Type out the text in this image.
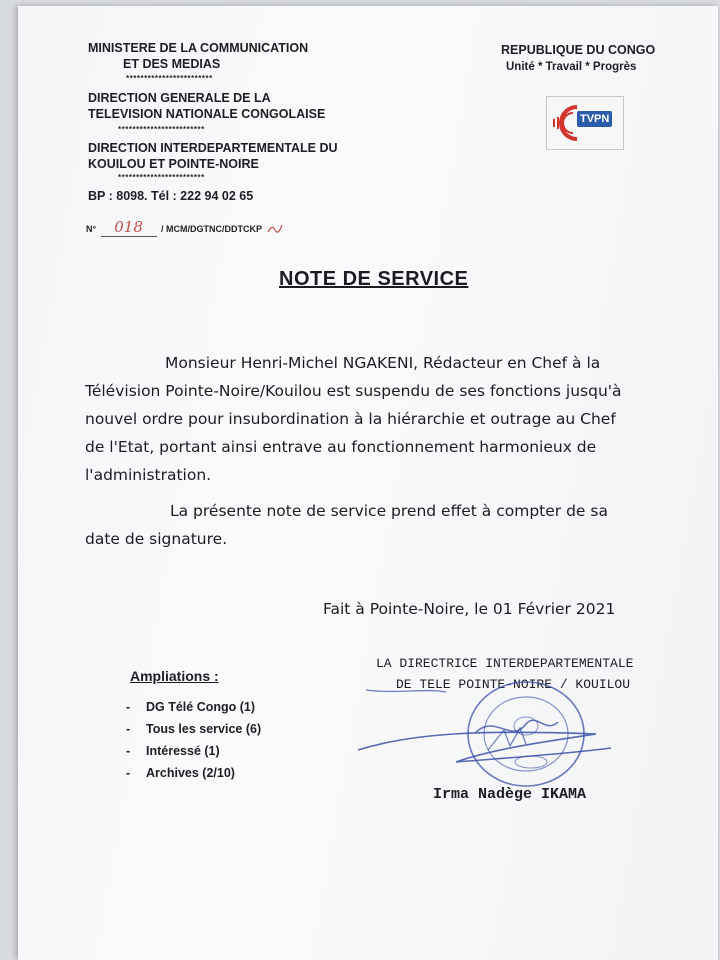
MINISTERE DE LA COMMUNICATION
ET DES MEDIAS
************************
DIRECTION GENERALE DE LA
TELEVISION NATIONALE CONGOLAISE
************************
DIRECTION INTERDEPARTEMENTALE DU
KOUILOU ET POINTE-NOIRE
************************
BP : 8098. Tél : 222 94 02 65
N° 018 / MCM/DGTNC/DDTCKP
REPUBLIQUE DU CONGO
Unité * Travail * Progrès
TVPN
NOTE DE SERVICE
Monsieur Henri-Michel NGAKENI, Rédacteur en Chef à la
Télévision Pointe-Noire/Kouilou est suspendu de ses fonctions jusqu'à
nouvel ordre pour insubordination à la hiérarchie et outrage au Chef
de l'Etat, portant ainsi entrave au fonctionnement harmonieux de
l'administration.
La présente note de service prend effet à compter de sa
date de signature.
Fait à Pointe-Noire, le 01 Février 2021
Ampliations :
- DG Télé Congo (1)
- Tous les service (6)
- Intéressé (1)
- Archives (2/10)
LA DIRECTRICE INTERDEPARTEMENTALE
DE TELE POINTE-NOIRE / KOUILOU
Irma Nadège IKAMA
